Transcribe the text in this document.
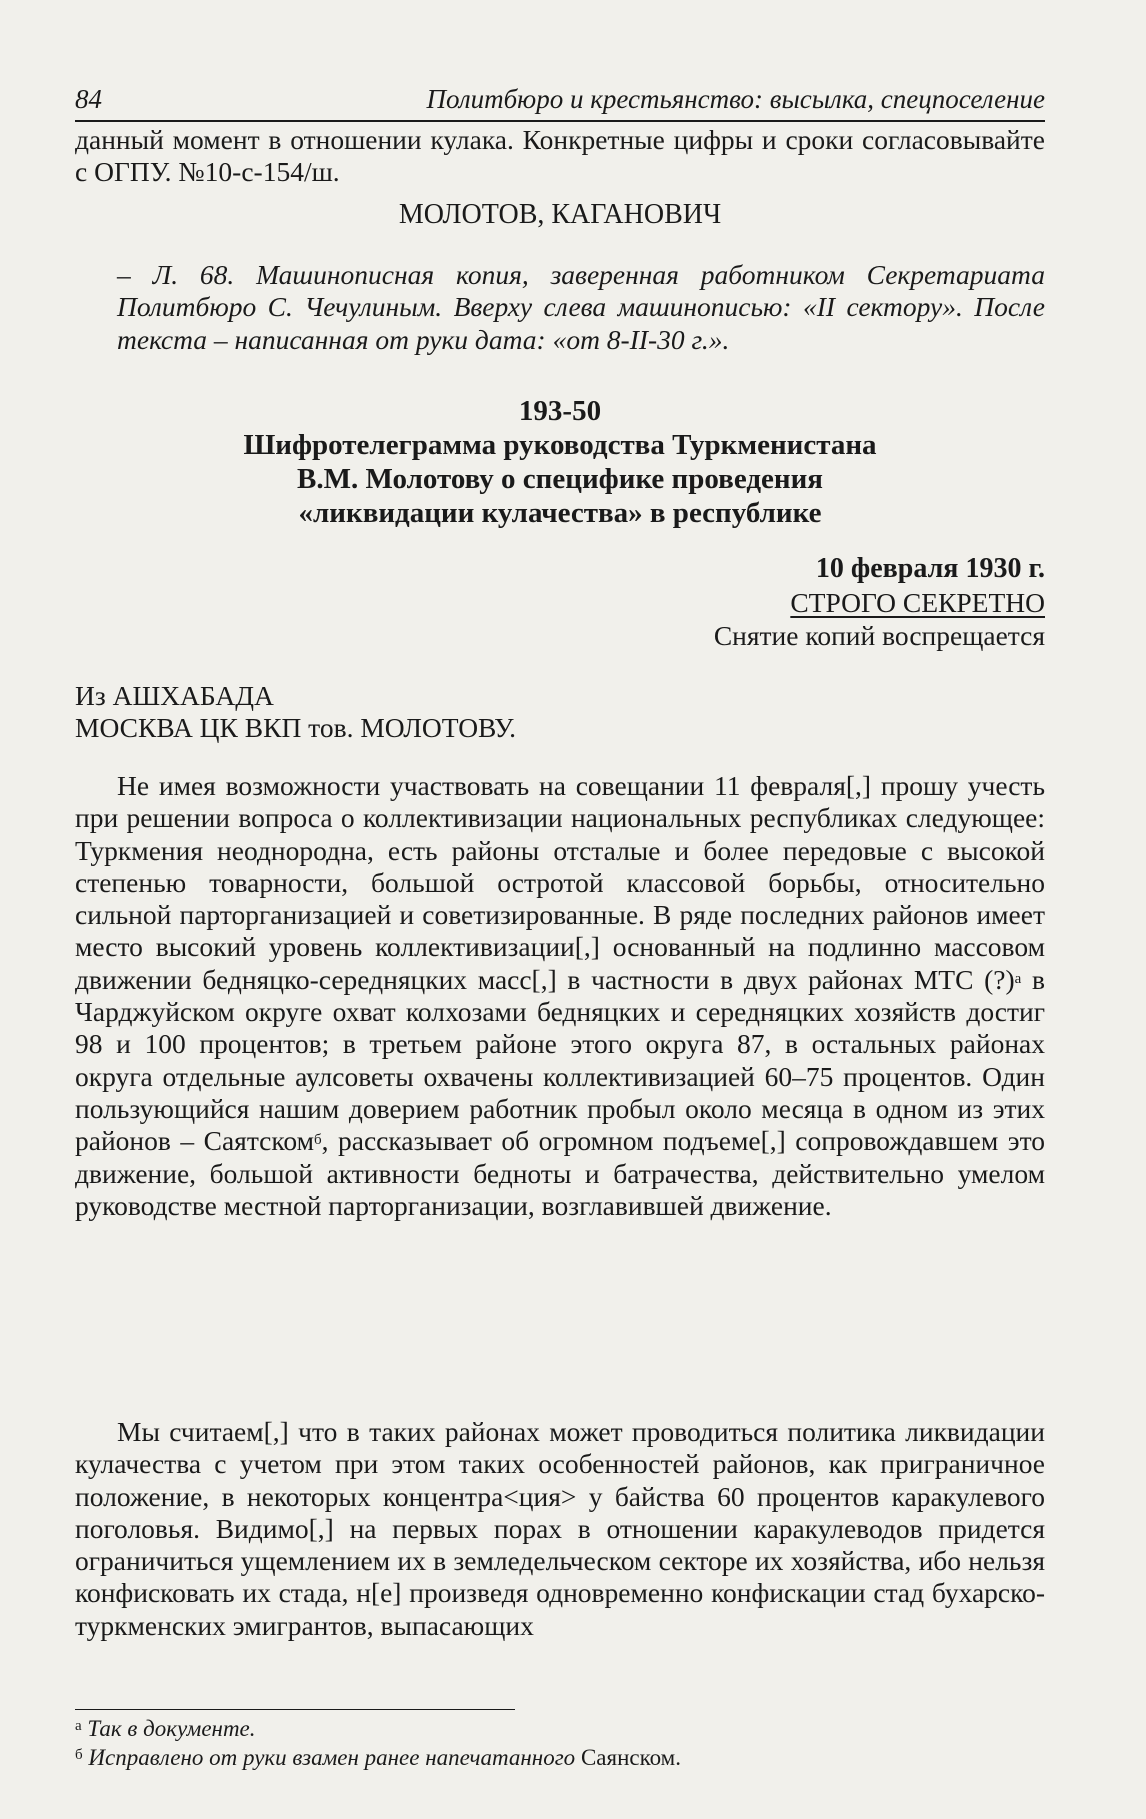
84	Политбюро и крестьянство: высылка, спецпоселение

данный момент в отношении кулака. Конкретные цифры и сроки согласовывайте с ОГПУ. №10-с-154/ш.
МОЛОТОВ, КАГАНОВИЧ
– Л. 68. Машинописная копия, заверенная работником Секретариата Политбюро С. Чечулиным. Вверху слева машинописью: «II сектору». После текста – написанная от руки дата: «от 8-II-30 г.».
193-50
Шифротелеграмма руководства Туркменистана
В.М. Молотову о специфике проведения
«ликвидации кулачества» в республике
10 февраля 1930 г.
СТРОГО СЕКРЕТНО
Снятие копий воспрещается
Из АШХАБАДА
МОСКВА ЦК ВКП тов. МОЛОТОВУ.
Не имея возможности участвовать на совещании 11 февраля[,] прошу учесть при решении вопроса о коллективизации национальных республиках следующее: Туркмения неоднородна, есть районы отсталые и более передовые с высокой степенью товарности, большой остротой классовой борьбы, относительно сильной парторганизацией и советизированные. В ряде последних районов имеет место высокий уровень коллективизации[,] основанный на подлинно массовом движении бедняцко-середняцких масс[,] в частности в двух районах МТС (?)$^а$ в Чарджуйском округе охват колхозами бедняцких и середняцких хозяйств достиг 98 и 100 процентов; в третьем районе этого округа 87, в остальных районах округа отдельные аулсоветы охвачены коллективизацией 60–75 процентов. Один пользующийся нашим доверием работник пробыл около месяца в одном из этих районов – Саятском$^б$, рассказывает об огромном подъеме[,] сопровождавшем это движение, большой активности бедноты и батрачества, действительно умелом руководстве местной парторганизации, возглавившей движение.
Мы считаем[,] что в таких районах может проводиться политика ликвидации кулачества с учетом при этом таких особенностей районов, как приграничное положение, в некоторых концентра<ция> у байства 60 процентов каракулевого поголовья. Видимо[,] на первых порах в отношении каракулеводов придется ограничиться ущемлением их в земледельческом секторе их хозяйства, ибо нельзя конфисковать их стада, н[е] произведя одновременно конфискации стад бухарско-туркменских эмигрантов, выпасающих
$^а$ Так в документе.
$^б$ Исправлено от руки взамен ранее напечатанного Саянском.
